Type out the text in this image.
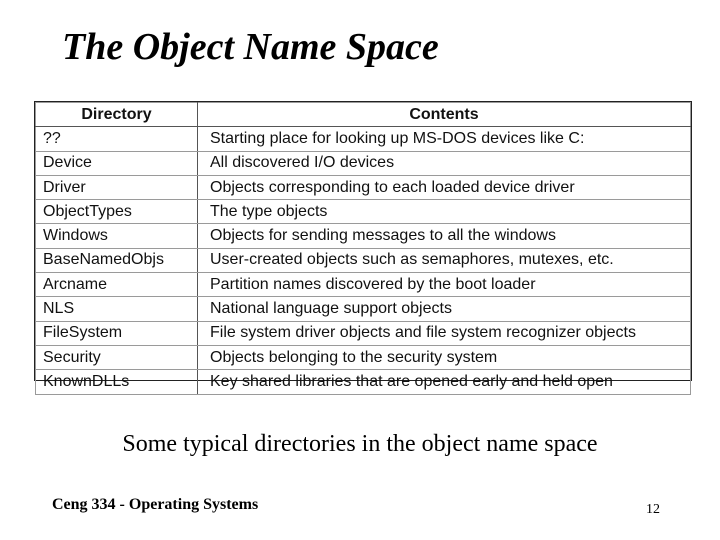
The Object Name Space
Directory	Contents
??	Starting place for looking up MS-DOS devices like C:
Device	All discovered I/O devices
Driver	Objects corresponding to each loaded device driver
ObjectTypes	The type objects
Windows	Objects for sending messages to all the windows
BaseNamedObjs	User-created objects such as semaphores, mutexes, etc.
Arcname	Partition names discovered by the boot loader
NLS	National language support objects
FileSystem	File system driver objects and file system recognizer objects
Security	Objects belonging to the security system
KnownDLLs	Key shared libraries that are opened early and held open

Some typical directories in the object name space

Ceng 334 - Operating Systems	12
